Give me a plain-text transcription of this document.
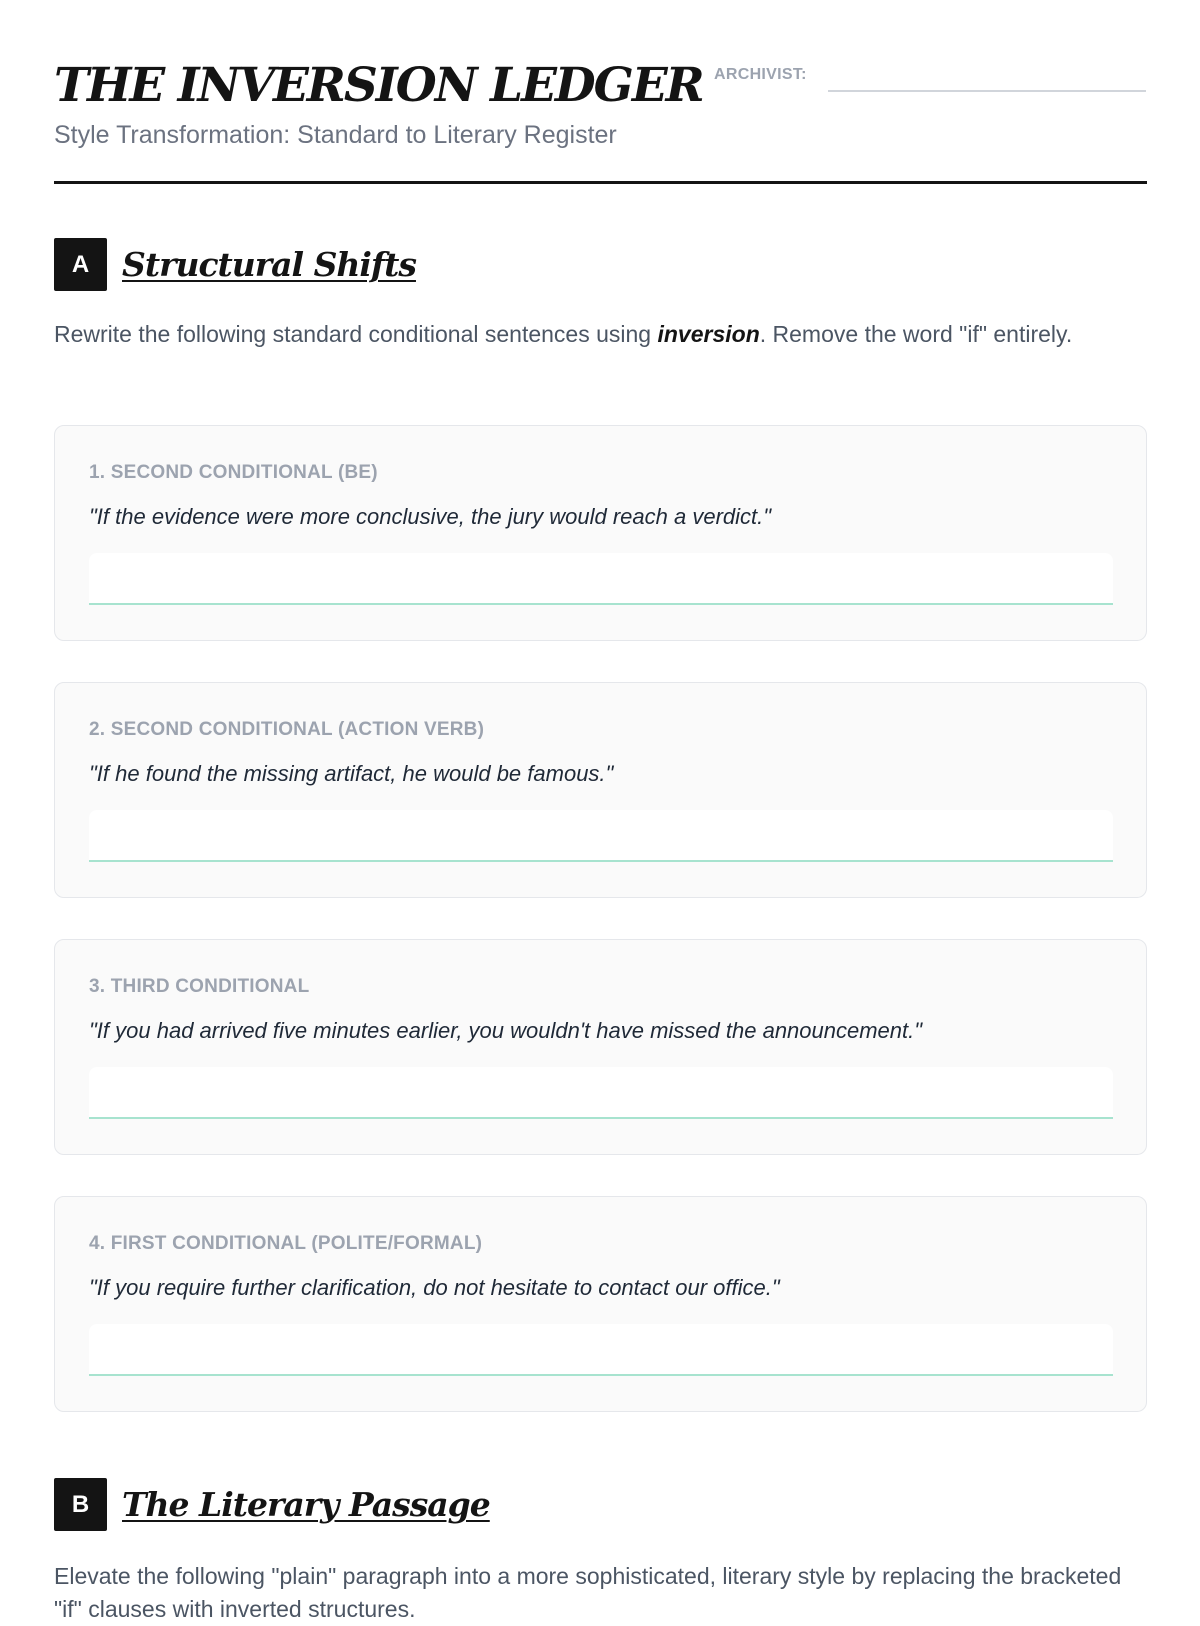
THE INVERSION LEDGER
Style Transformation: Standard to Literary Register
ARCHIVIST:
A Structural Shifts
Rewrite the following standard conditional sentences using inversion. Remove the word "if" entirely.
1. SECOND CONDITIONAL (BE)
"If the evidence were more conclusive, the jury would reach a verdict."
2. SECOND CONDITIONAL (ACTION VERB)
"If he found the missing artifact, he would be famous."
3. THIRD CONDITIONAL
"If you had arrived five minutes earlier, you wouldn't have missed the announcement."
4. FIRST CONDITIONAL (POLITE/FORMAL)
"If you require further clarification, do not hesitate to contact our office."
B The Literary Passage
Elevate the following "plain" paragraph into a more sophisticated, literary style by replacing the bracketed "if" clauses with inverted structures.
